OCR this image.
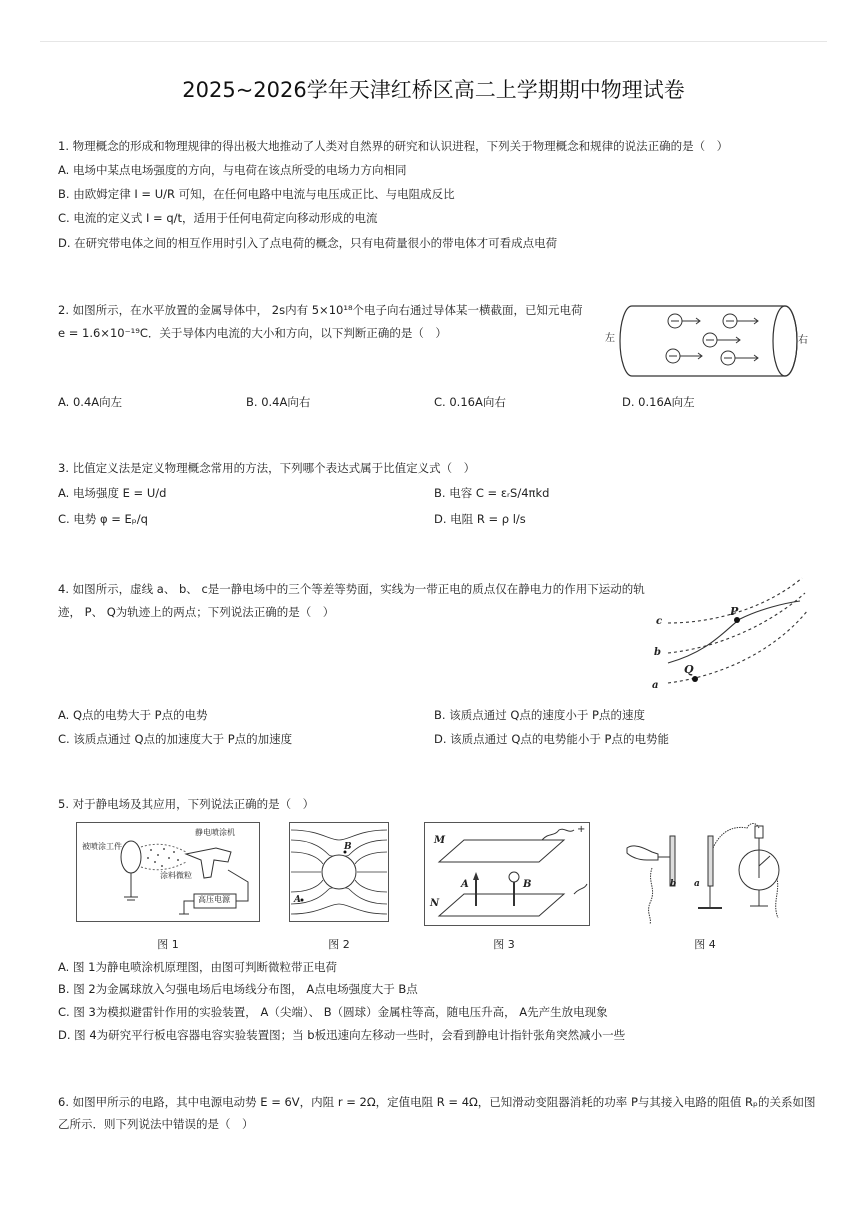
2025~2026学年天津红桥区高二上学期期中物理试卷
1. 物理概念的形成和物理规律的得出极大地推动了人类对自然界的研究和认识进程，下列关于物理概念和规律的说法正确的是（　）
A. 电场中某点电场强度的方向，与电荷在该点所受的电场力方向相同
B. 由欧姆定律 I = U/R 可知，在任何电路中电流与电压成正比、与电阻成反比
C. 电流的定义式 I = q/t，适用于任何电荷定向移动形成的电流
D. 在研究带电体之间的相互作用时引入了点电荷的概念，只有电荷量很小的带电体才可看成点电荷
2. 如图所示，在水平放置的金属导体中， 2s内有 5×10¹⁸个电子向右通过导体某一横截面，已知元电荷
e = 1.6×10⁻¹⁹C．关于导体内电流的大小和方向，以下判断正确的是（　）	左	右
A. 0.4A向左	B. 0.4A向右	C. 0.16A向右	D. 0.16A向左
3. 比值定义法是定义物理概念常用的方法，下列哪个表达式属于比值定义式（　）
A. 电场强度 E = U/d	B. 电容 C = εᵣS/4πkd
C. 电势 φ = Eₚ/q	D. 电阻 R = ρ l/s
4. 如图所示，虚线 a、 b、 c是一静电场中的三个等差等势面，实线为一带正电的质点仅在静电力的作用下运动的轨
迹， P、 Q为轨迹上的两点；下列说法正确的是（　）
c
b
a
P
Q
A. Q点的电势大于 P点的电势	B. 该质点通过 Q点的速度小于 P点的速度
C. 该质点通过 Q点的加速度大于 P点的加速度	D. 该质点通过 Q点的电势能小于 P点的电势能
5. 对于静电场及其应用，下列说法正确的是（　）
被喷涂工件
静电喷涂机
涂料微粒
高压电源
B
A
M
N
A	B
+
b a
图 1	图 2	图 3	图 4
A. 图 1为静电喷涂机原理图，由图可判断微粒带正电荷
B. 图 2为金属球放入匀强电场后电场线分布图， A点电场强度大于 B点
C. 图 3为模拟避雷针作用的实验装置， A（尖端）、 B（圆球）金属柱等高，随电压升高， A先产生放电现象
D. 图 4为研究平行板电容器电容实验装置图；当 b板迅速向左移动一些时，会看到静电计指针张角突然减小一些
6. 如图甲所示的电路，其中电源电动势 E = 6V，内阻 r = 2Ω，定值电阻 R = 4Ω，已知滑动变阻器消耗的功率 P与其接入电路的阻值 Rₚ的关系如图
乙所示．则下列说法中错误的是（　）
